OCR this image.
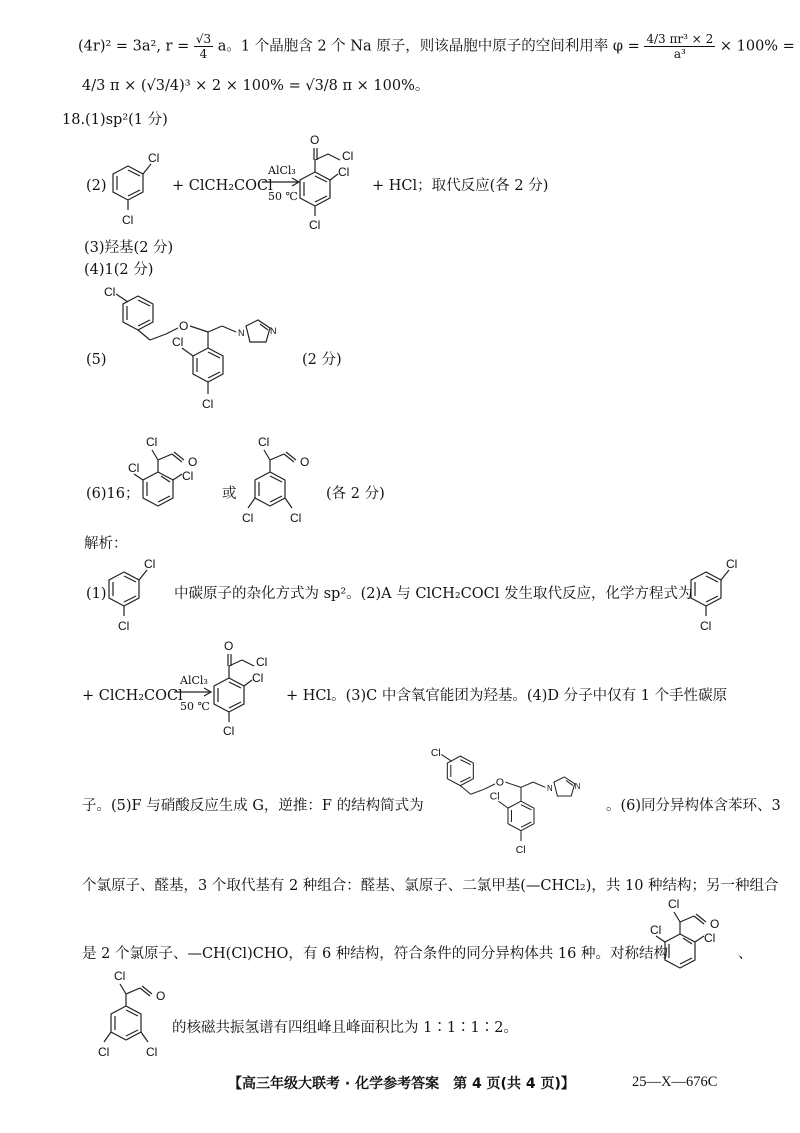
(4r)² = 3a², $r = \frac{√3}{4}$ a。1 个晶胞含 2 个 Na 原子，则该晶胞中原子的空间利用率 $\varphi = \frac{\text{4/3 πr³ × 2}}{\text{a³}} \times 100\%$ =
4/3 π × (√3/4)³ × 2 × 100% = √3/8 π × 100%。
18.(1)sp²(1 分)
(2)
Cl
Cl
+ ClCH₂COCl
AlCl₃
50 ℃
O
Cl
Cl
Cl
+ HCl；取代反应(各 2 分)
(3)羟基(2 分)
(4)1(2 分)
(5)
Cl
O	N	N
Cl
Cl
(2 分)
(6)16；
Cl
O
Cl
Cl
或
Cl
O
Cl	Cl
(各 2 分)
解析：
(1)
Cl
Cl
中碳原子的杂化方式为 sp²。(2)A 与 ClCH₂COCl 发生取代反应，化学方程式为
Cl
Cl
+ ClCH₂COCl
AlCl₃
50 ℃
O
Cl
Cl
Cl
+ HCl。(3)C 中含氧官能团为羟基。(4)D 分子中仅有 1 个手性碳原
子。(5)F 与硝酸反应生成 G，逆推：F 的结构简式为
Cl
O	N N
Cl
Cl
。(6)同分异构体含苯环、3
个氯原子、醛基，3 个取代基有 2 种组合：醛基、氯原子、二氯甲基(—CHCl₂)，共 10 种结构；另一种组合
是 2 个氯原子、—CH(Cl)CHO，有 6 种结构，符合条件的同分异构体共 16 种。对称结构
Cl
O
Cl
Cl
、
Cl
O
Cl	Cl
的核磁共振氢谱有四组峰且峰面积比为 1∶1∶1∶2。
【高三年级大联考 · 化学参考答案　第 4 页(共 4 页)】	25—X—676C
